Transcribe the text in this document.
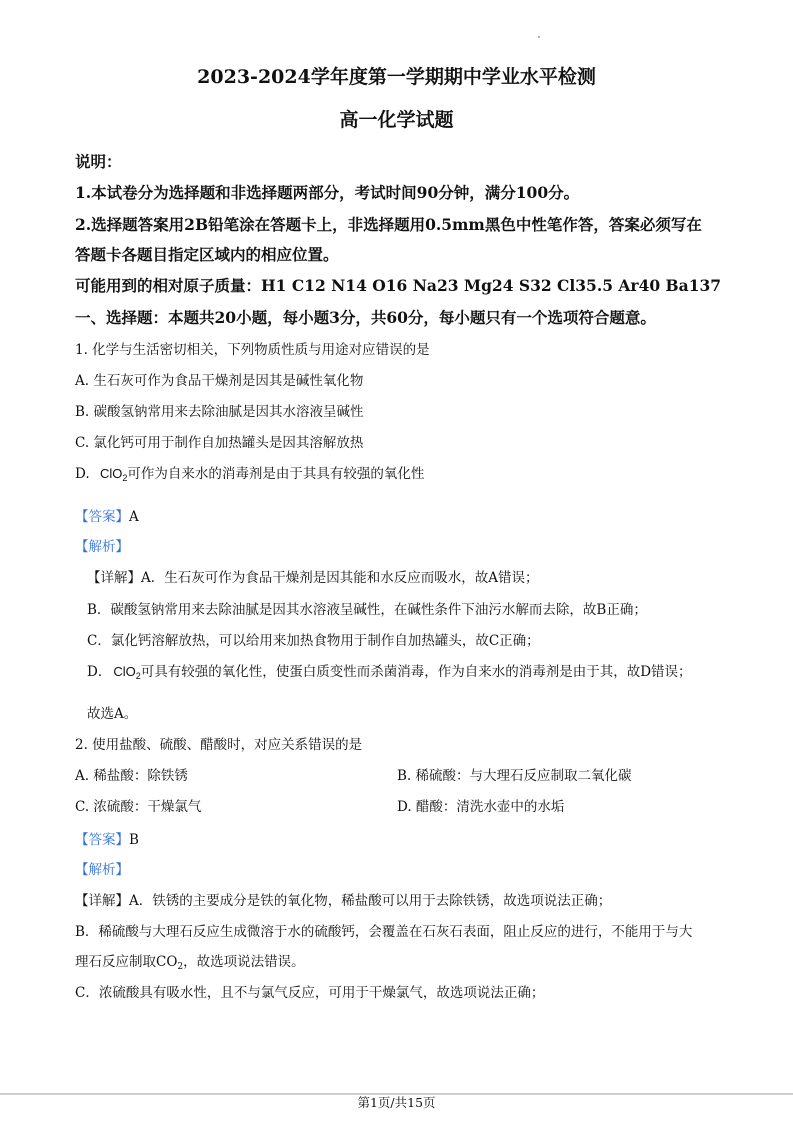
2023-2024学年度第一学期期中学业水平检测
高一化学试题
说明：
1.本试卷分为选择题和非选择题两部分，考试时间90分钟，满分100分。
2.选择题答案用2B铅笔涂在答题卡上，非选择题用0.5mm黑色中性笔作答，答案必须写在
答题卡各题目指定区域内的相应位置。
可能用到的相对原子质量：H1 C12 N14 O16 Na23 Mg24 S32 Cl35.5 Ar40 Ba137
一、选择题：本题共20小题，每小题3分，共60分，每小题只有一个选项符合题意。
1. 化学与生活密切相关，下列物质性质与用途对应错误的是
A. 生石灰可作为食品干燥剂是因其是碱性氧化物
B. 碳酸氢钠常用来去除油腻是因其水溶液呈碱性
C. 氯化钙可用于制作自加热罐头是因其溶解放热
D. ClO$_2$可作为自来水的消毒剂是由于其具有较强的氧化性
【答案】A
【解析】
【详解】A．生石灰可作为食品干燥剂是因其能和水反应而吸水，故A错误；
B．碳酸氢钠常用来去除油腻是因其水溶液呈碱性，在碱性条件下油污水解而去除，故B正确；
C．氯化钙溶解放热，可以给用来加热食物用于制作自加热罐头，故C正确；
D． ClO$_2$可具有较强的氧化性，使蛋白质变性而杀菌消毒，作为自来水的消毒剂是由于其，故D错误；
故选A。
2. 使用盐酸、硫酸、醋酸时，对应关系错误的是
A. 稀盐酸：除铁锈	B. 稀硫酸：与大理石反应制取二氧化碳
C. 浓硫酸：干燥氯气	D. 醋酸：清洗水壶中的水垢
【答案】B
【解析】
【详解】A．铁锈的主要成分是铁的氧化物，稀盐酸可以用于去除铁锈，故选项说法正确；
B．稀硫酸与大理石反应生成微溶于水的硫酸钙，会覆盖在石灰石表面，阻止反应的进行，不能用于与大
理石反应制取$CO_2$，故选项说法错误。
C．浓硫酸具有吸水性，且不与氯气反应，可用于干燥氯气，故选项说法正确；
第1页/共15页
